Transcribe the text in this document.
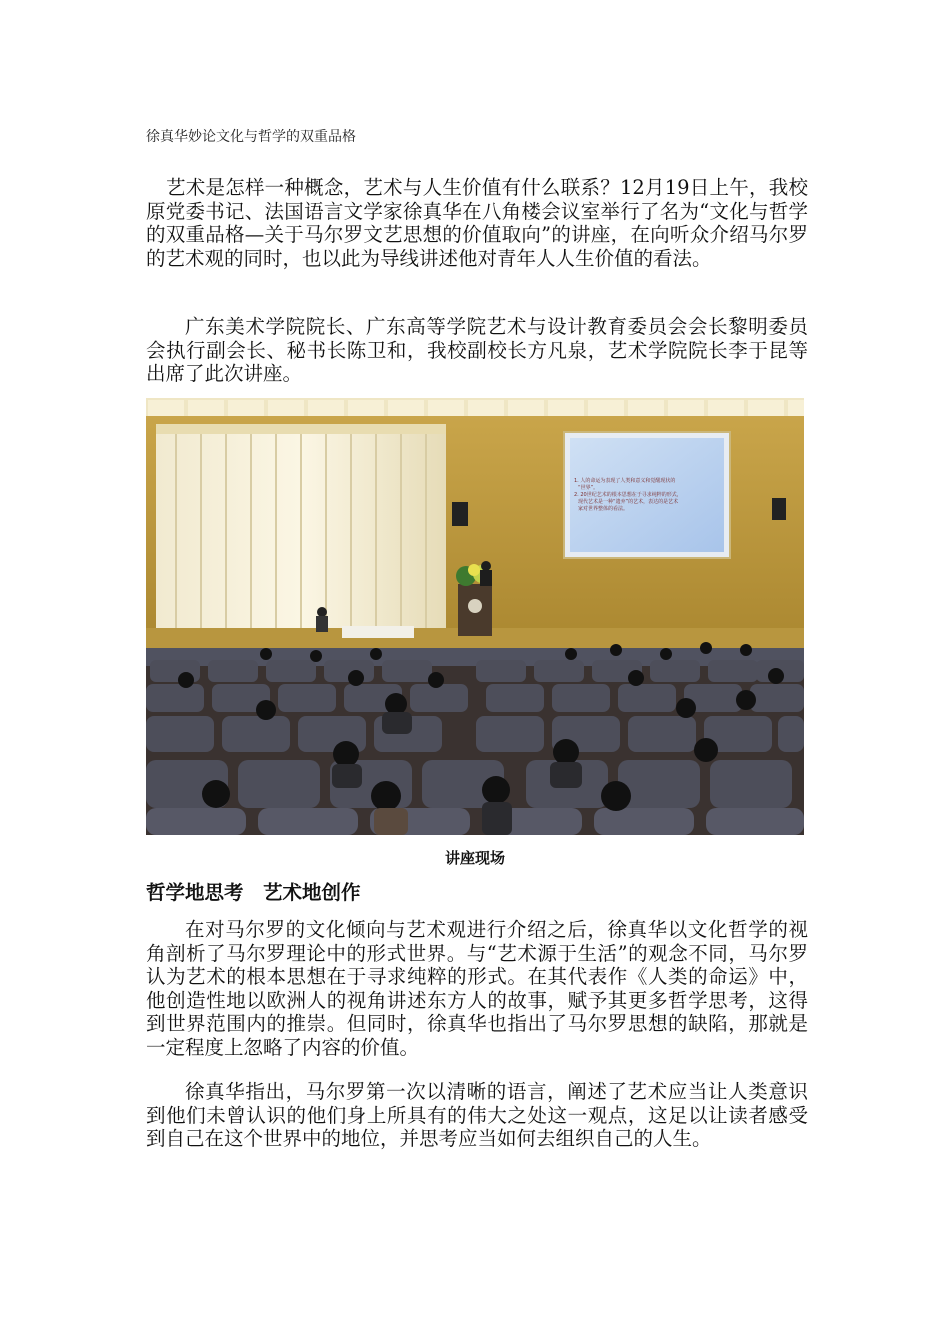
徐真华妙论文化与哲学的双重品格

艺术是怎样一种概念，艺术与人生价值有什么联系？12月19日上午，我校原党委书记、法国语言文学家徐真华在八角楼会议室举行了名为“文化与哲学的双重品格—关于马尔罗文艺思想的价值取向”的讲座，在向听众介绍马尔罗的艺术观的同时，也以此为导线讲述他对青年人人生价值的看法。

广东美术学院院长、广东高等学院艺术与设计教育委员会会长黎明委员会执行副会长、秘书长陈卫和，我校副校长方凡泉，艺术学院院长李于昆等出席了此次讲座。

1. 人的命运为表现了人类和意义和觉醒现状的
“世界”。
2. 20世纪艺术的根本思想在于寻求纯粹的形式，
现代艺术是一种“遗弃”的艺术，表达的是艺术
家对世界整体的看法。
讲座现场
哲学地思考　艺术地创作

在对马尔罗的文化倾向与艺术观进行介绍之后，徐真华以文化哲学的视角剖析了马尔罗理论中的形式世界。与“艺术源于生活”的观念不同，马尔罗认为艺术的根本思想在于寻求纯粹的形式。在其代表作《人类的命运》中，他创造性地以欧洲人的视角讲述东方人的故事，赋予其更多哲学思考，这得到世界范围内的推崇。但同时，徐真华也指出了马尔罗思想的缺陷，那就是一定程度上忽略了内容的价值。

徐真华指出，马尔罗第一次以清晰的语言，阐述了艺术应当让人类意识到他们未曾认识的他们身上所具有的伟大之处这一观点，这足以让读者感受到自己在这个世界中的地位，并思考应当如何去组织自己的人生。
